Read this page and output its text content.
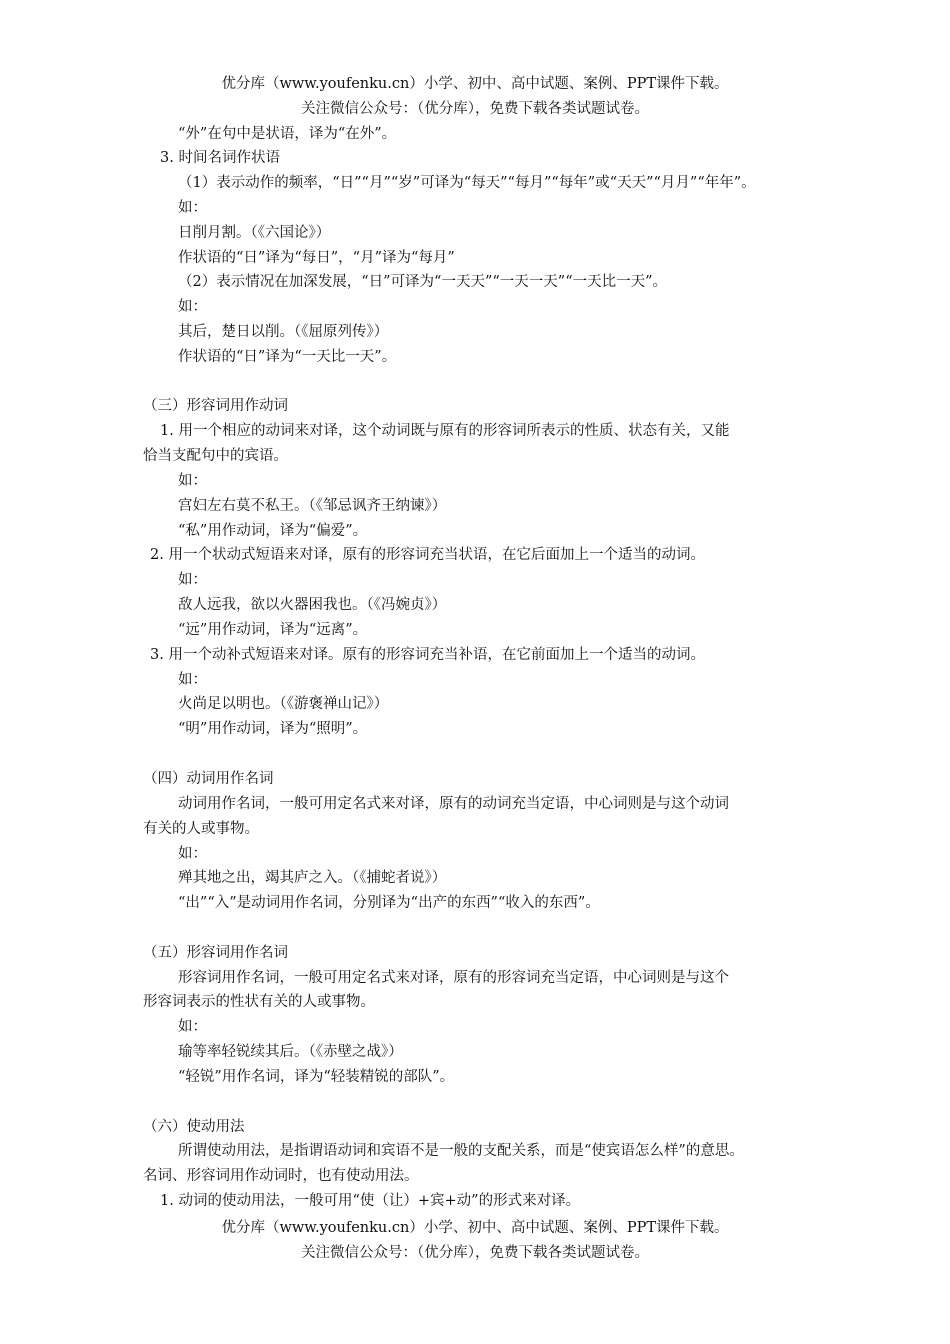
优分库（www.youfenku.cn）小学、初中、高中试题、案例、PPT课件下载。
关注微信公众号：（优分库），免费下载各类试题试卷。
“外”在句中是状语，译为“在外”。
3. 时间名词作状语
（1）表示动作的频率，“日”“月”“岁”可译为“每天”“每月”“每年”或“天天”“月月”“年年”。
如：
日削月割。（《六国论》）
作状语的“日”译为“每日”，“月”译为“每月”
（2）表示情况在加深发展，“日”可译为“一天天”“一天一天”“一天比一天”。
如：
其后，楚日以削。（《屈原列传》）
作状语的“日”译为“一天比一天”。
（三）形容词用作动词
1. 用一个相应的动词来对译，这个动词既与原有的形容词所表示的性质、状态有关，又能
恰当支配句中的宾语。
如：
宫妇左右莫不私王。（《邹忌讽齐王纳谏》）
“私”用作动词，译为“偏爱”。
2. 用一个状动式短语来对译，原有的形容词充当状语，在它后面加上一个适当的动词。
如：
敌人远我，欲以火器困我也。（《冯婉贞》）
“远”用作动词，译为“远离”。
3. 用一个动补式短语来对译。原有的形容词充当补语，在它前面加上一个适当的动词。
如：
火尚足以明也。（《游褒禅山记》）
“明”用作动词，译为“照明”。
（四）动词用作名词
动词用作名词，一般可用定名式来对译，原有的动词充当定语，中心词则是与这个动词
有关的人或事物。
如：
殚其地之出，竭其庐之入。（《捕蛇者说》）
“出”“入”是动词用作名词，分别译为“出产的东西”“收入的东西”。
（五）形容词用作名词
形容词用作名词，一般可用定名式来对译，原有的形容词充当定语，中心词则是与这个
形容词表示的性状有关的人或事物。
如：
瑜等率轻锐续其后。（《赤壁之战》）
“轻锐”用作名词，译为“轻装精锐的部队”。
（六）使动用法
所谓使动用法，是指谓语动词和宾语不是一般的支配关系，而是“使宾语怎么样”的意思。
名词、形容词用作动词时，也有使动用法。
1. 动词的使动用法，一般可用“使（让）+宾+动”的形式来对译。
优分库（www.youfenku.cn）小学、初中、高中试题、案例、PPT课件下载。
关注微信公众号：（优分库），免费下载各类试题试卷。
